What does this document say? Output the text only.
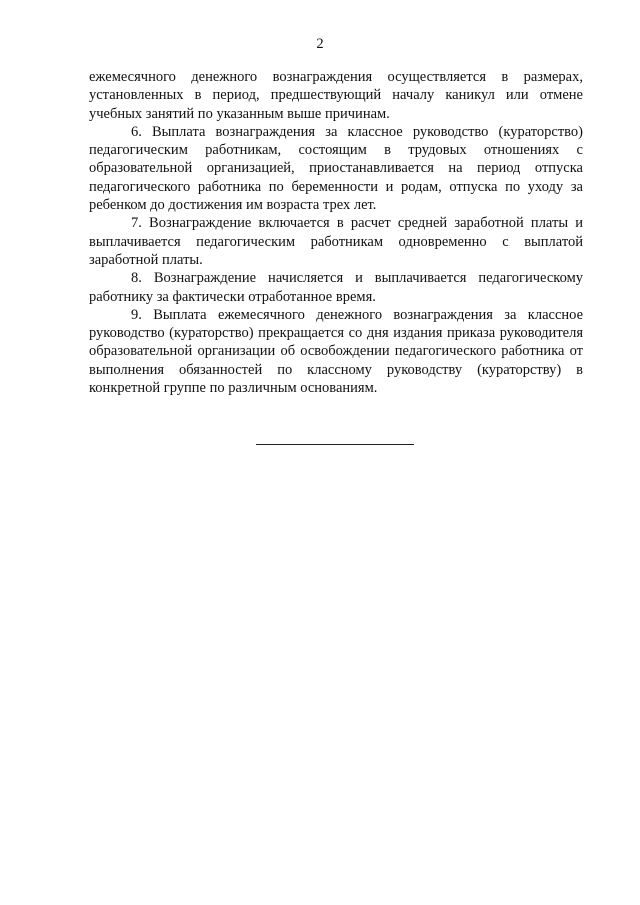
2

ежемесячного денежного вознаграждения осуществляется в размерах, установленных в период, предшествующий началу каникул или отмене учебных занятий по указанным выше причинам.

6. Выплата вознаграждения за классное руководство (кураторство) педагогическим работникам, состоящим в трудовых отношениях с образовательной организацией, приостанавливается на период отпуска педагогического работника по беременности и родам, отпуска по уходу за ребенком до достижения им возраста трех лет.

7. Вознаграждение включается в расчет средней заработной платы и выплачивается педагогическим работникам одновременно с выплатой заработной платы.

8. Вознаграждение начисляется и выплачивается педагогическому работнику за фактически отработанное время.

9. Выплата ежемесячного денежного вознаграждения за классное руководство (кураторство) прекращается со дня издания приказа руководителя образовательной организации об освобождении педагогического работника от выполнения обязанностей по классному руководству (кураторству) в конкретной группе по различным основаниям.
